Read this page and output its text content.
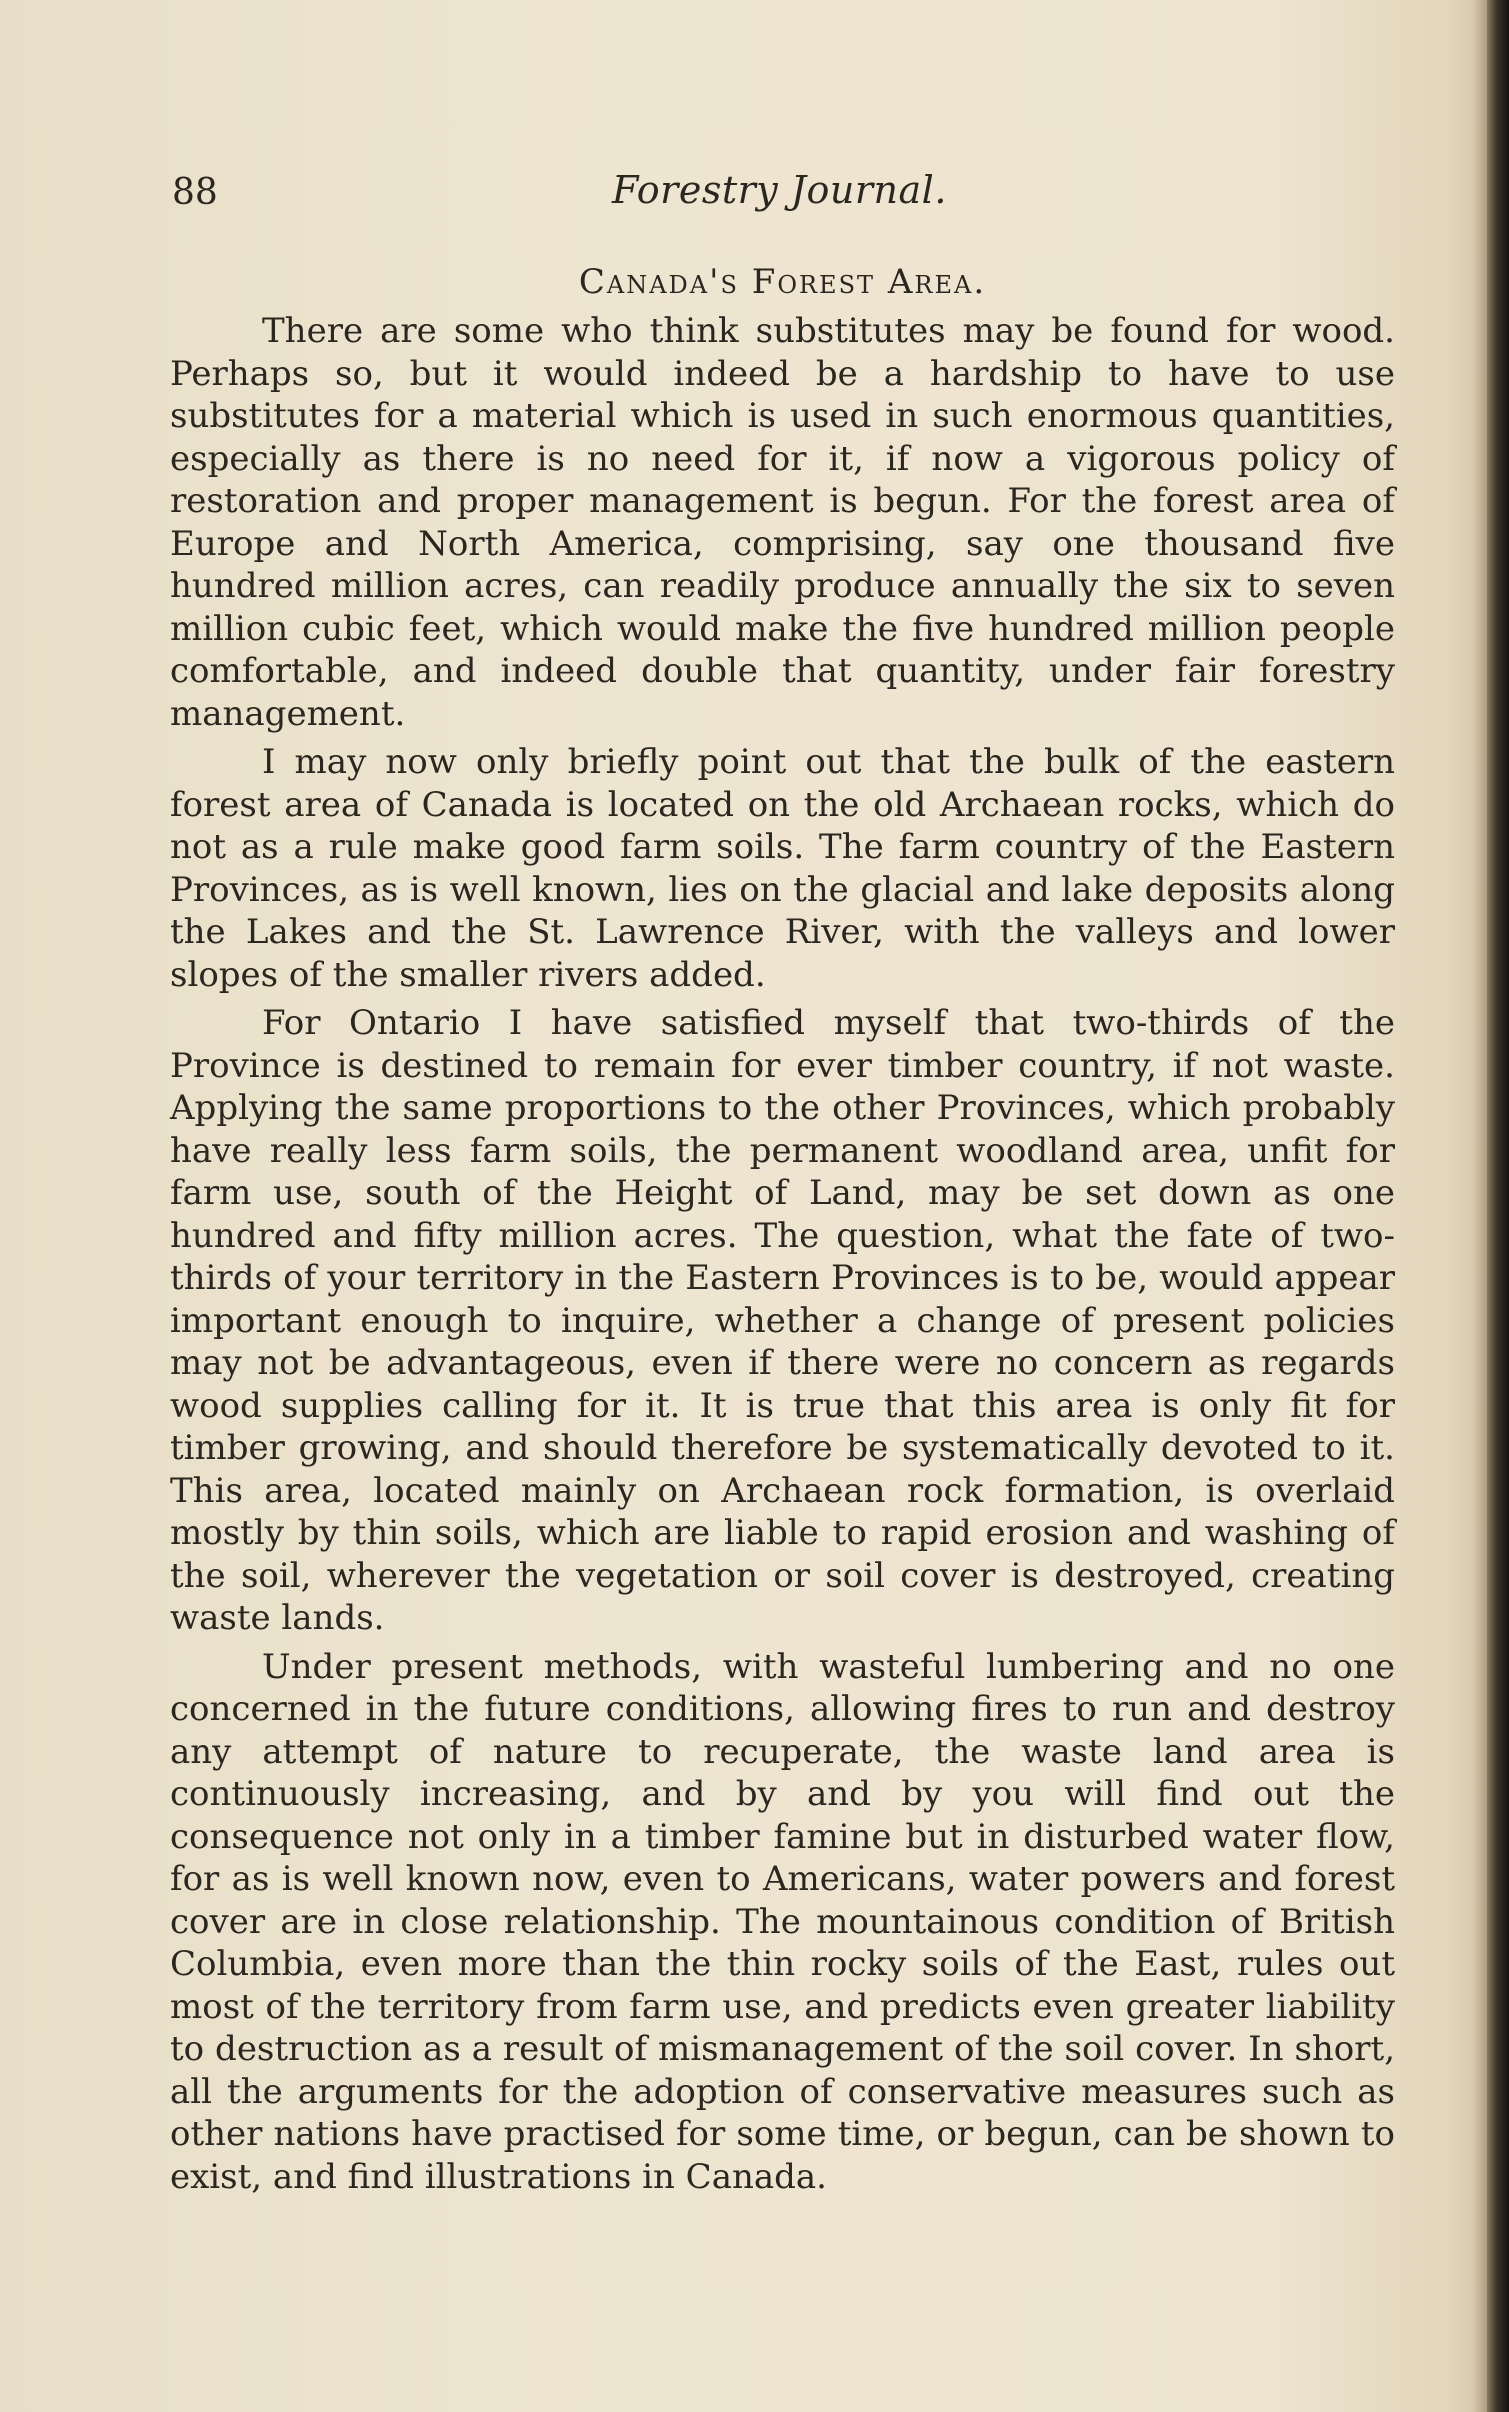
88	Forestry Journal.
Canada's Forest Area.

There are some who think substitutes may be found for wood. Perhaps so, but it would indeed be a hardship to have to use substitutes for a material which is used in such enormous quantities, especially as there is no need for it, if now a vigorous policy of restoration and proper management is begun. For the forest area of Europe and North America, comprising, say one thousand five hundred million acres, can readily produce annually the six to seven million cubic feet, which would make the five hundred million people comfortable, and indeed double that quantity, under fair forestry management.

I may now only briefly point out that the bulk of the eastern forest area of Canada is located on the old Archaean rocks, which do not as a rule make good farm soils. The farm country of the Eastern Provinces, as is well known, lies on the glacial and lake deposits along the Lakes and the St. Lawrence River, with the valleys and lower slopes of the smaller rivers added.

For Ontario I have satisfied myself that two-thirds of the Province is destined to remain for ever timber country, if not waste. Applying the same proportions to the other Provinces, which probably have really less farm soils, the permanent woodland area, unfit for farm use, south of the Height of Land, may be set down as one hundred and fifty million acres. The question, what the fate of two-thirds of your territory in the Eastern Provinces is to be, would appear important enough to inquire, whether a change of present policies may not be advantageous, even if there were no concern as regards wood supplies calling for it. It is true that this area is only fit for timber growing, and should therefore be systematically devoted to it. This area, located mainly on Archaean rock formation, is overlaid mostly by thin soils, which are liable to rapid erosion and washing of the soil, wherever the vegetation or soil cover is destroyed, creating waste lands.

Under present methods, with wasteful lumbering and no one concerned in the future conditions, allowing fires to run and destroy any attempt of nature to recuperate, the waste land area is continuously increasing, and by and by you will find out the consequence not only in a timber famine but in disturbed water flow, for as is well known now, even to Americans, water powers and forest cover are in close relationship. The mountainous condition of British Columbia, even more than the thin rocky soils of the East, rules out most of the territory from farm use, and predicts even greater liability to destruction as a result of mismanagement of the soil cover. In short, all the arguments for the adoption of conservative measures such as other nations have practised for some time, or begun, can be shown to exist, and find illustrations in Canada.
